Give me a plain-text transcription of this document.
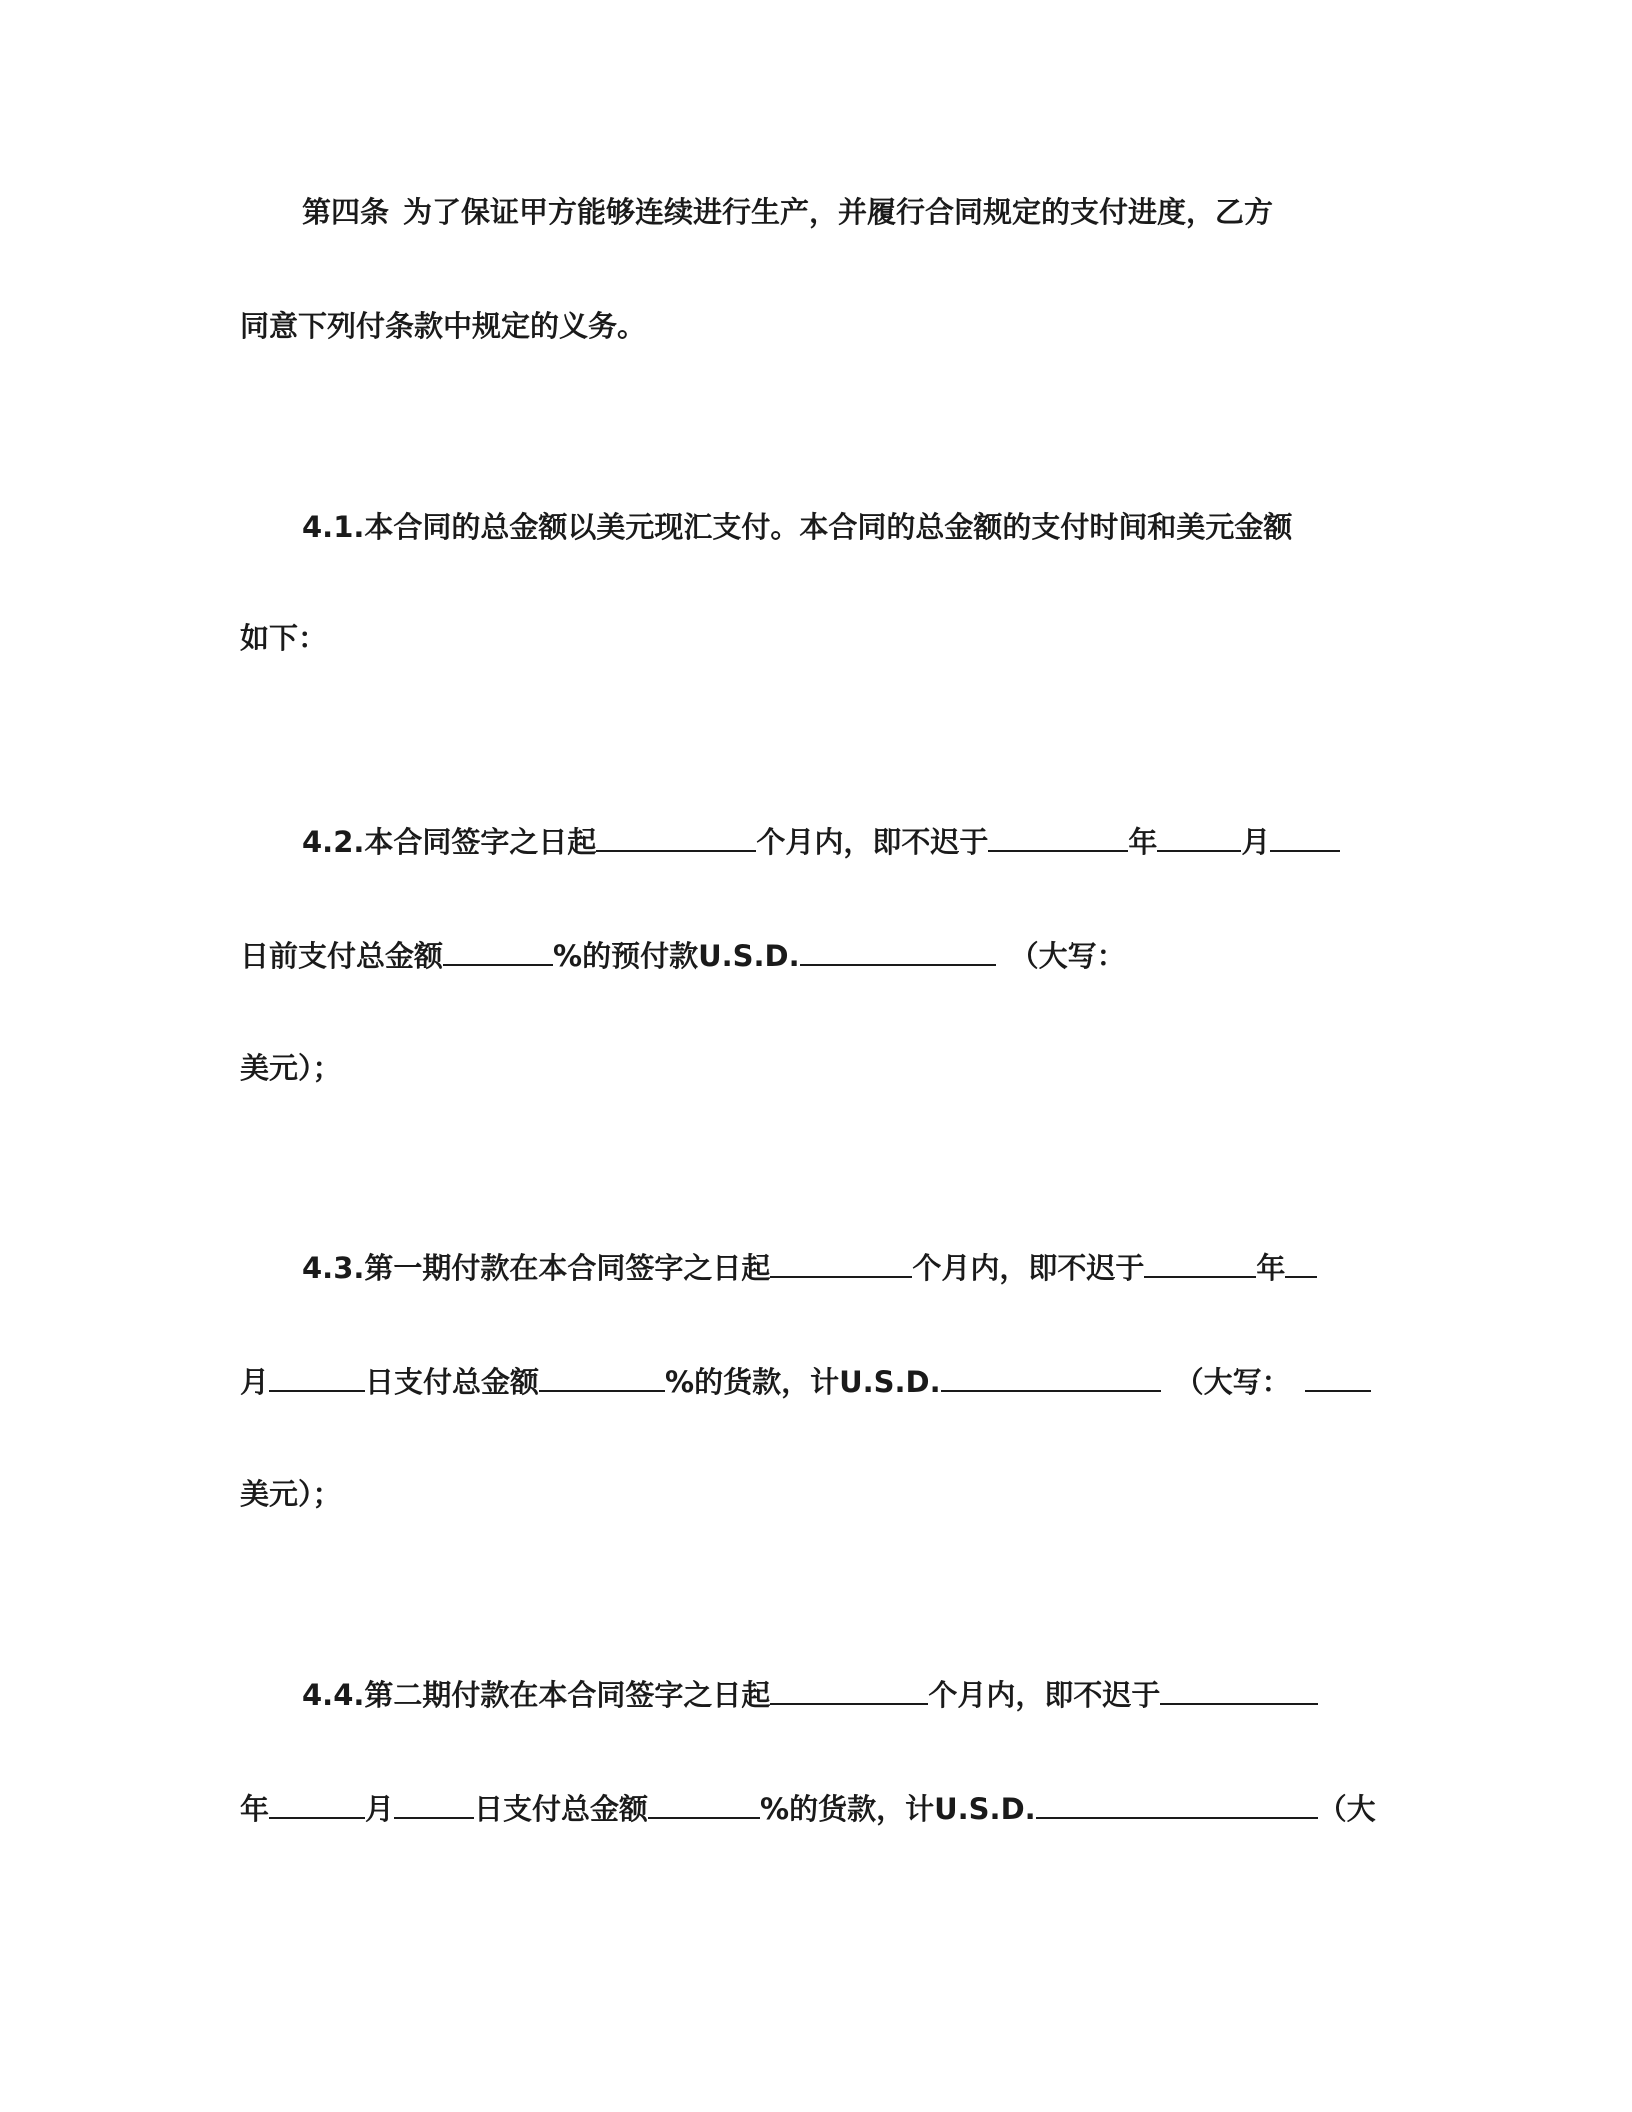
第四条 为了保证甲方能够连续进行生产，并履行合同规定的支付进度，乙方
同意下列付条款中规定的义务。
4.1.本合同的总金额以美元现汇支付。本合同的总金额的支付时间和美元金额
如下：
4.2.本合同签字之日起	个月内，即不迟于	年	月
日前支付总金额	%的预付款U.S.D.	（大写：
美元）；
4.3.第一期付款在本合同签字之日起	个月内，即不迟于	年
月	日支付总金额	%的货款，计U.S.D.	（大写：
美元）；
4.4.第二期付款在本合同签字之日起	个月内，即不迟于
年	月	日支付总金额	%的货款，计U.S.D.	（大
